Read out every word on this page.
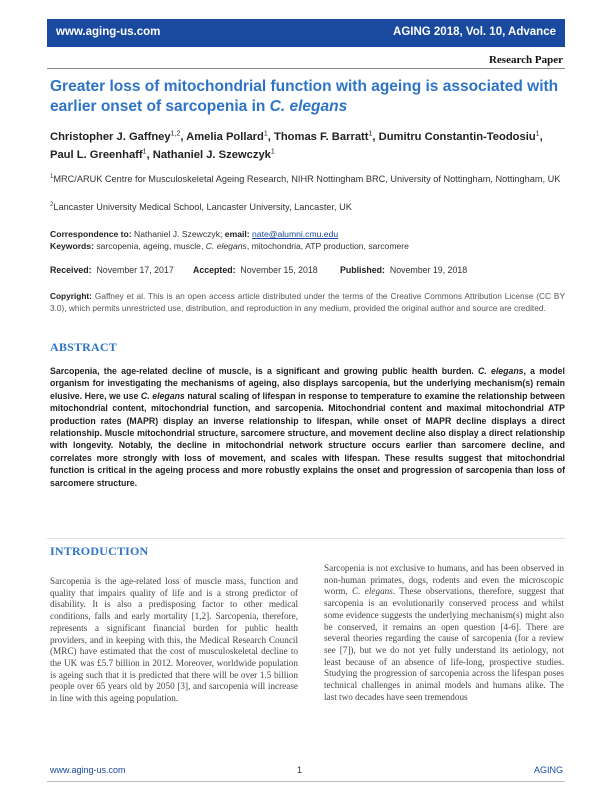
www.aging-us.com	AGING 2018, Vol. 10, Advance
Research Paper
Greater loss of mitochondrial function with ageing is associated with earlier onset of sarcopenia in C. elegans
Christopher J. Gaffney$^{1,2}$, Amelia Pollard$^1$, Thomas F. Barratt$^1$, Dumitru Constantin-Teodosiu$^1$,
Paul L. Greenhaff$^1$, Nathaniel J. Szewczyk$^1$
$^1$MRC/ARUK Centre for Musculoskeletal Ageing Research, NIHR Nottingham BRC, University of Nottingham, Nottingham, UK
$^2$Lancaster University Medical School, Lancaster University, Lancaster, UK
Correspondence to: Nathaniel J. Szewczyk; email: nate@alumni.cmu.edu
Keywords: sarcopenia, ageing, muscle, C. elegans, mitochondria, ATP production, sarcomere
Received: November 17, 2017 Accepted: November 15, 2018	Published: November 19, 2018
Copyright: Gaffney et al. This is an open access article distributed under the terms of the Creative Commons Attribution License (CC BY 3.0), which permits unrestricted use, distribution, and reproduction in any medium, provided the original author and source are credited.
ABSTRACT
Sarcopenia, the age-related decline of muscle, is a significant and growing public health burden. C. elegans, a model organism for investigating the mechanisms of ageing, also displays sarcopenia, but the underlying mechanism(s) remain elusive. Here, we use C. elegans natural scaling of lifespan in response to temperature to examine the relationship between mitochondrial content, mitochondrial function, and sarcopenia. Mitochondrial content and maximal mitochondrial ATP production rates (MAPR) display an inverse relationship to lifespan, while onset of MAPR decline displays a direct relationship. Muscle mitochondrial structure, sarcomere structure, and movement decline also display a direct relationship with longevity. Notably, the decline in mitochondrial network structure occurs earlier than sarcomere decline, and correlates more strongly with loss of movement, and scales with lifespan. These results suggest that mitochondrial function is critical in the ageing process and more robustly explains the onset and progression of sarcopenia than loss of sarcomere structure.
INTRODUCTION
Sarcopenia is the age-related loss of muscle mass, function and quality that impairs quality of life and is a strong predictor of disability. It is also a predisposing factor to other medical conditions, falls and early mortality [1,2]. Sarcopenia, therefore, represents a significant financial burden for public health providers, and in keeping with this, the Medical Research Council (MRC) have estimated that the cost of musculoskeletal decline to the UK was £5.7 billion in 2012. Moreover, worldwide population is ageing such that it is predicted that there will be over 1.5 billion people over 65 years old by 2050 [3], and sarcopenia will increase in line with this ageing population.
Sarcopenia is not exclusive to humans, and has been observed in non-human primates, dogs, rodents and even the microscopic worm, C. elegans. These observations, therefore, suggest that sarcopenia is an evolutionarily conserved process and whilst some evidence suggests the underlying mechanism(s) might also be conserved, it remains an open question [4-6]. There are several theories regarding the cause of sarcopenia (for a review see [7]), but we do not yet fully understand its aetiology, not least because of an absence of life-long, prospective studies. Studying the progression of sarcopenia across the lifespan poses technical challenges in animal models and humans alike. The last two decades have seen tremendous
www.aging-us.com	1	AGING
